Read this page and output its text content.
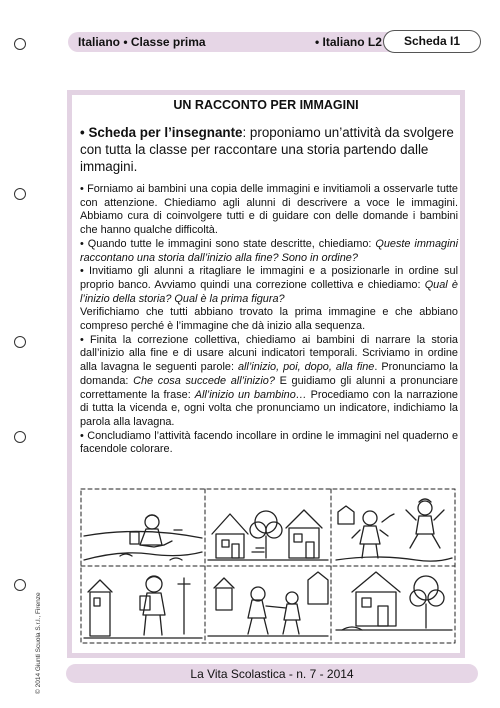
Italiano • Classe prima	• Italiano L2	Scheda I1
UN RACCONTO PER IMMAGINI
• Scheda per l’insegnante: proponiamo un’attività da svolgere con tutta la classe per raccontare una storia partendo dalle immagini.

• Forniamo ai bambini una copia delle immagini e invitiamoli a osservarle tutte con attenzione. Chiediamo agli alunni di descrivere a voce le immagini. Abbiamo cura di coinvolgere tutti e di guidare con delle domande i bambini che hanno qualche difficoltà.

• Quando tutte le immagini sono state descritte, chiediamo: Queste immagini raccontano una storia dall’inizio alla fine? Sono in ordine?

• Invitiamo gli alunni a ritagliare le immagini e a posizionarle in ordine sul proprio banco. Avviamo quindi una correzione collettiva e chiediamo: Qual è l’inizio della storia? Qual è la prima figura?

Verifichiamo che tutti abbiano trovato la prima immagine e che abbiano compreso perché è l’immagine che dà inizio alla sequenza.

• Finita la correzione collettiva, chiediamo ai bambini di narrare la storia dall’inizio alla fine e di usare alcuni indicatori temporali. Scriviamo in ordine alla lavagna le seguenti parole: all’inizio, poi, dopo, alla fine. Pronunciamo la domanda: Che cosa succede all’inizio? E guidiamo gli alunni a pronunciare correttamente la frase: All’inizio un bambino… Procediamo con la narrazione di tutta la vicenda e, ogni volta che pronunciamo un indicatore, indichiamo la parola alla lavagna.

• Concludiamo l’attività facendo incollare in ordine le immagini nel quaderno e facendole colorare.

© 2014 Giunti Scuola S.r.l., Firenze	La Vita Scolastica - n. 7 - 2014
